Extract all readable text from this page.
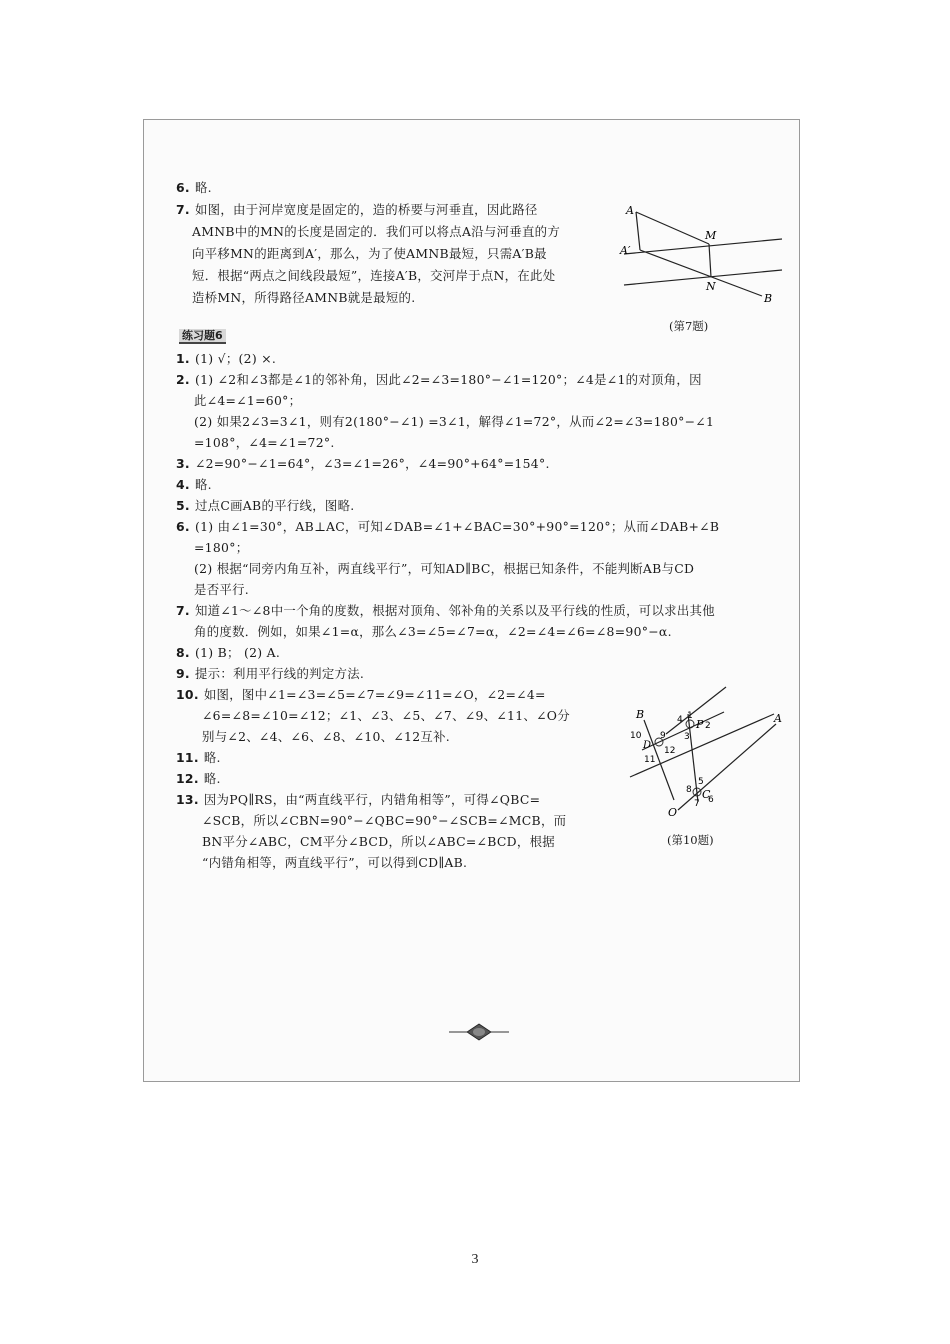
6. 略.
7. 如图，由于河岸宽度是固定的，造的桥要与河垂直，因此路径
AMNB中的MN的长度是固定的．我们可以将点A沿与河垂直的方
向平移MN的距离到A′，那么，为了使AMNB最短，只需A′B最
短．根据“两点之间线段最短”，连接A′B，交河岸于点N，在此处
造桥MN，所得路径AMNB就是最短的.
A
A′
M
N
B
(第7题)
练习题6
1. (1) √；(2) ×.
2. (1) ∠2和∠3都是∠1的邻补角，因此∠2=∠3=180°−∠1=120°；∠4是∠1的对顶角，因
此∠4=∠1=60°；
(2) 如果2∠3=3∠1，则有2(180°−∠1) =3∠1，解得∠1=72°，从而∠2=∠3=180°−∠1
=108°，∠4=∠1=72°.
3. ∠2=90°−∠1=64°，∠3=∠1=26°，∠4=90°+64°=154°.
4. 略.
5. 过点C画AB的平行线，图略.
6. (1) 由∠1=30°，AB⊥AC，可知∠DAB=∠1+∠BAC=30°+90°=120°；从而∠DAB+∠B
=180°；
(2) 根据“同旁内角互补，两直线平行”，可知AD∥BC，根据已知条件，不能判断AB与CD
是否平行.
7. 知道∠1～∠8中一个角的度数，根据对顶角、邻补角的关系以及平行线的性质，可以求出其他
角的度数．例如，如果∠1=α，那么∠3=∠5=∠7=α，∠2=∠4=∠6=∠8=90°−α.
8. (1) B； (2) A.
9. 提示：利用平行线的判定方法.
10. 如图，图中∠1=∠3=∠5=∠7=∠9=∠11=∠O，∠2=∠4=
∠6=∠8=∠10=∠12；∠1、∠3、∠5、∠7、∠9、∠11、∠O分
别与∠2、∠4、∠6、∠8、∠10、∠12互补.
11. 略.
12. 略.
13. 因为PQ∥RS，由“两直线平行，内错角相等”，可得∠QBC=
∠SCB，所以∠CBN=90°−∠QBC=90°−∠SCB=∠MCB，而
BN平分∠ABC，CM平分∠BCD，所以∠ABC=∠BCD，根据
“内错角相等，两直线平行”，可以得到CD∥AB.
B	A
O
P
D
C
1
2
3
4
5
6
7
8
9
10
11
12
(第10题)
3
